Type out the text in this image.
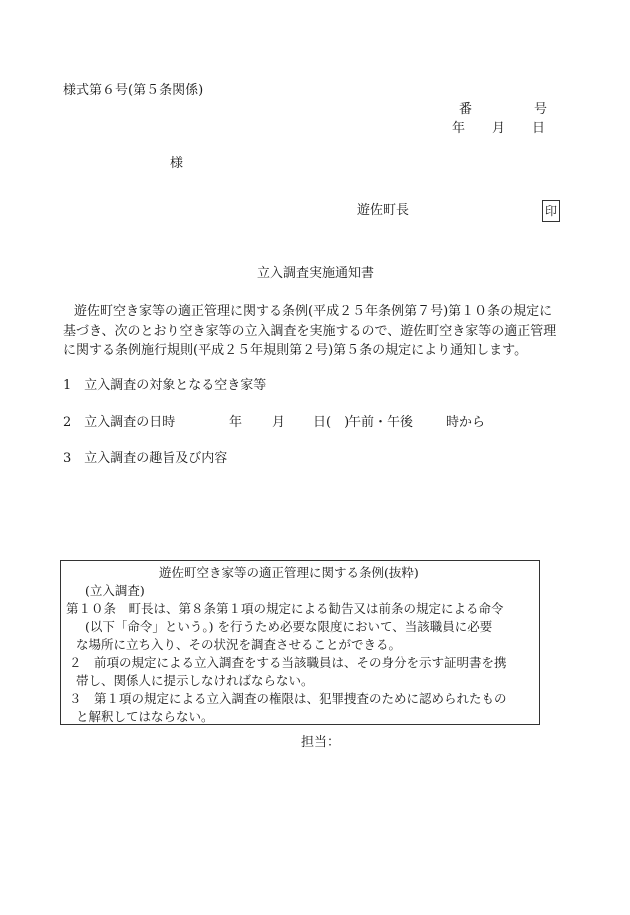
様式第６号(第５条関係)
番	号
年 月 日
様
遊佐町長	印
立入調査実施通知書
遊佐町空き家等の適正管理に関する条例(平成２５年条例第７号)第１０条の規定に
基づき、次のとおり空き家等の立入調査を実施するので、遊佐町空き家等の適正管理
に関する条例施行規則(平成２５年規則第２号)第５条の規定により通知します。
1　立入調査の対象となる空き家等
2　立入調査の日時	年 月 日(　)
午前・午後	時から
3　立入調査の趣旨及び内容
遊佐町空き家等の適正管理に関する条例(抜粋)
(立入調査)
第１０条　町長は、第８条第１項の規定による勧告又は前条の規定による命令
(以下「命令」という。) を行うため必要な限度において、当該職員に必要
な場所に立ち入り、その状況を調査させることができる。
２　前項の規定による立入調査をする当該職員は、その身分を示す証明書を携
帯し、関係人に提示しなければならない。
３　第１項の規定による立入調査の権限は、犯罪捜査のために認められたもの
と解釈してはならない。
担当：
